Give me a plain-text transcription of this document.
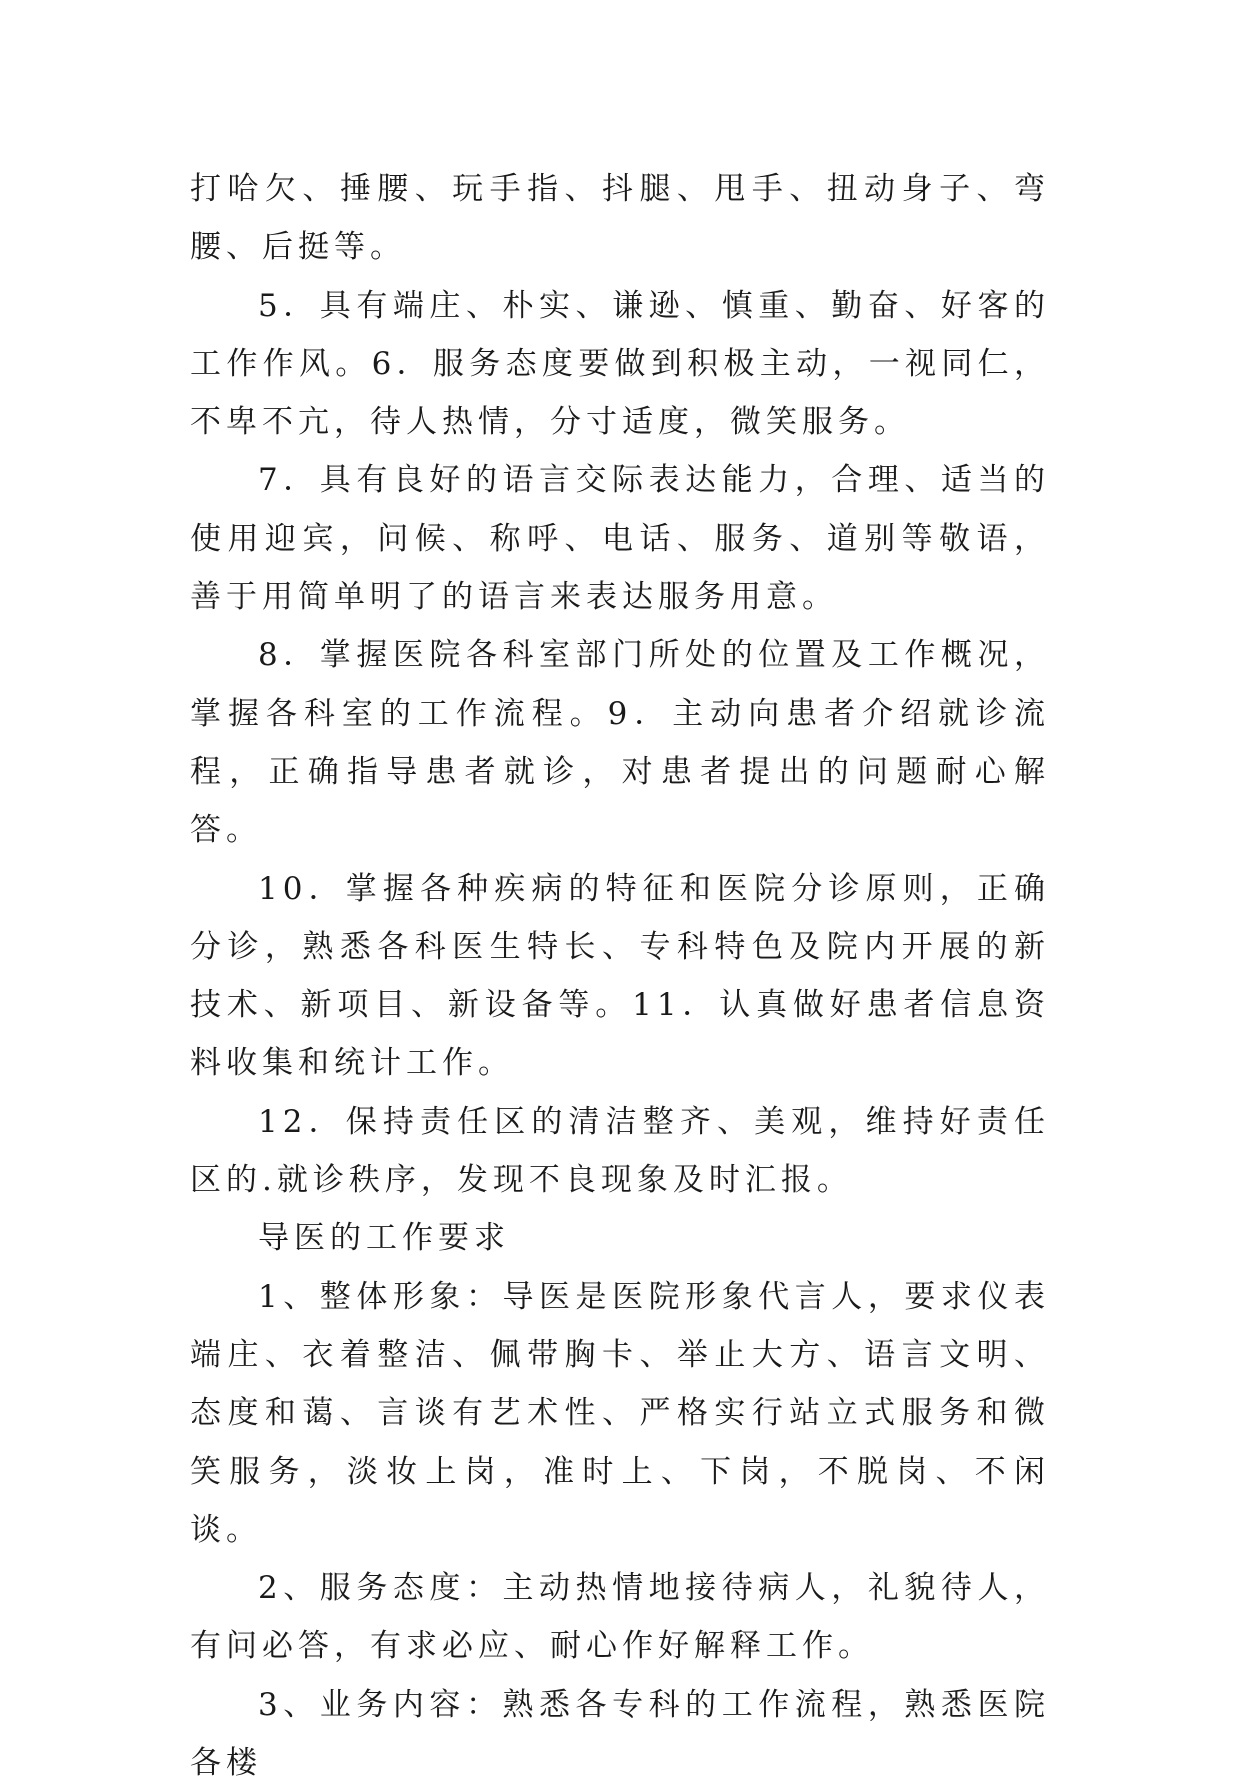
打哈欠、捶腰、玩手指、抖腿、甩手、扭动身子、弯腰、后挺等。

5．具有端庄、朴实、谦逊、慎重、勤奋、好客的工作作风。6．服务态度要做到积极主动，一视同仁，不卑不亢，待人热情，分寸适度，微笑服务。

7．具有良好的语言交际表达能力，合理、适当的使用迎宾，问候、称呼、电话、服务、道别等敬语，善于用简单明了的语言来表达服务用意。

8．掌握医院各科室部门所处的位置及工作概况，掌握各科室的工作流程。9．主动向患者介绍就诊流程，正确指导患者就诊，对患者提出的问题耐心解答。

10．掌握各种疾病的特征和医院分诊原则，正确分诊，熟悉各科医生特长、专科特色及院内开展的新技术、新项目、新设备等。11．认真做好患者信息资料收集和统计工作。

12．保持责任区的清洁整齐、美观，维持好责任区的.就诊秩序，发现不良现象及时汇报。

导医的工作要求

1、整体形象：导医是医院形象代言人，要求仪表端庄、衣着整洁、佩带胸卡、举止大方、语言文明、态度和蔼、言谈有艺术性、严格实行站立式服务和微笑服务，淡妆上岗，准时上、下岗，不脱岗、不闲谈。

2、服务态度：主动热情地接待病人，礼貌待人，有问必答，有求必应、耐心作好解释工作。

3、业务内容：熟悉各专科的工作流程，熟悉医院各楼
